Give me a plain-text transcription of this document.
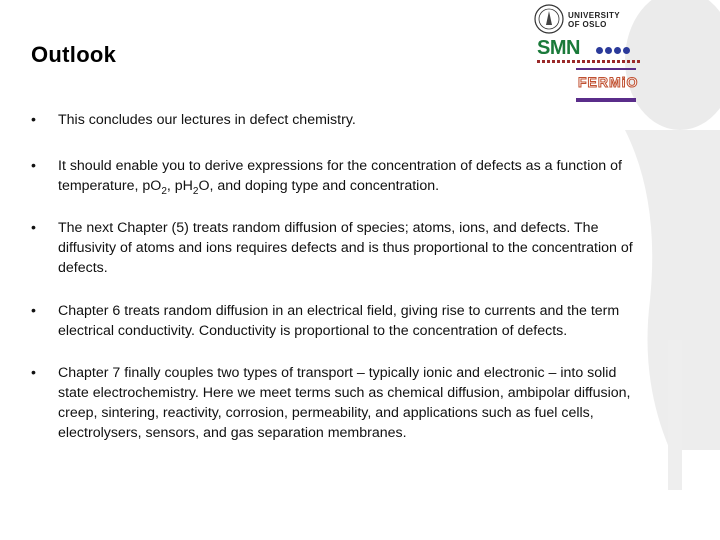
Outlook
UNIVERSITY
OF OSLO
SMN
FERMiO
• This concludes our lectures in defect chemistry.
• It should enable you to derive expressions for the concentration of defects as a function of temperature, $pO_2$, $pH_2O$, and doping type and concentration.
• The next Chapter (5) treats random diffusion of species; atoms, ions, and defects. The diffusivity of atoms and ions requires defects and is thus proportional to the concentration of defects.
• Chapter 6 treats random diffusion in an electrical field, giving rise to currents and the term electrical conductivity. Conductivity is proportional to the concentration of defects.
• Chapter 7 finally couples two types of transport – typically ionic and electronic – into solid state electrochemistry. Here we meet terms such as chemical diffusion, ambipolar diffusion, creep, sintering, reactivity, corrosion, permeability, and applications such as fuel cells, electrolysers, sensors, and gas separation membranes.
